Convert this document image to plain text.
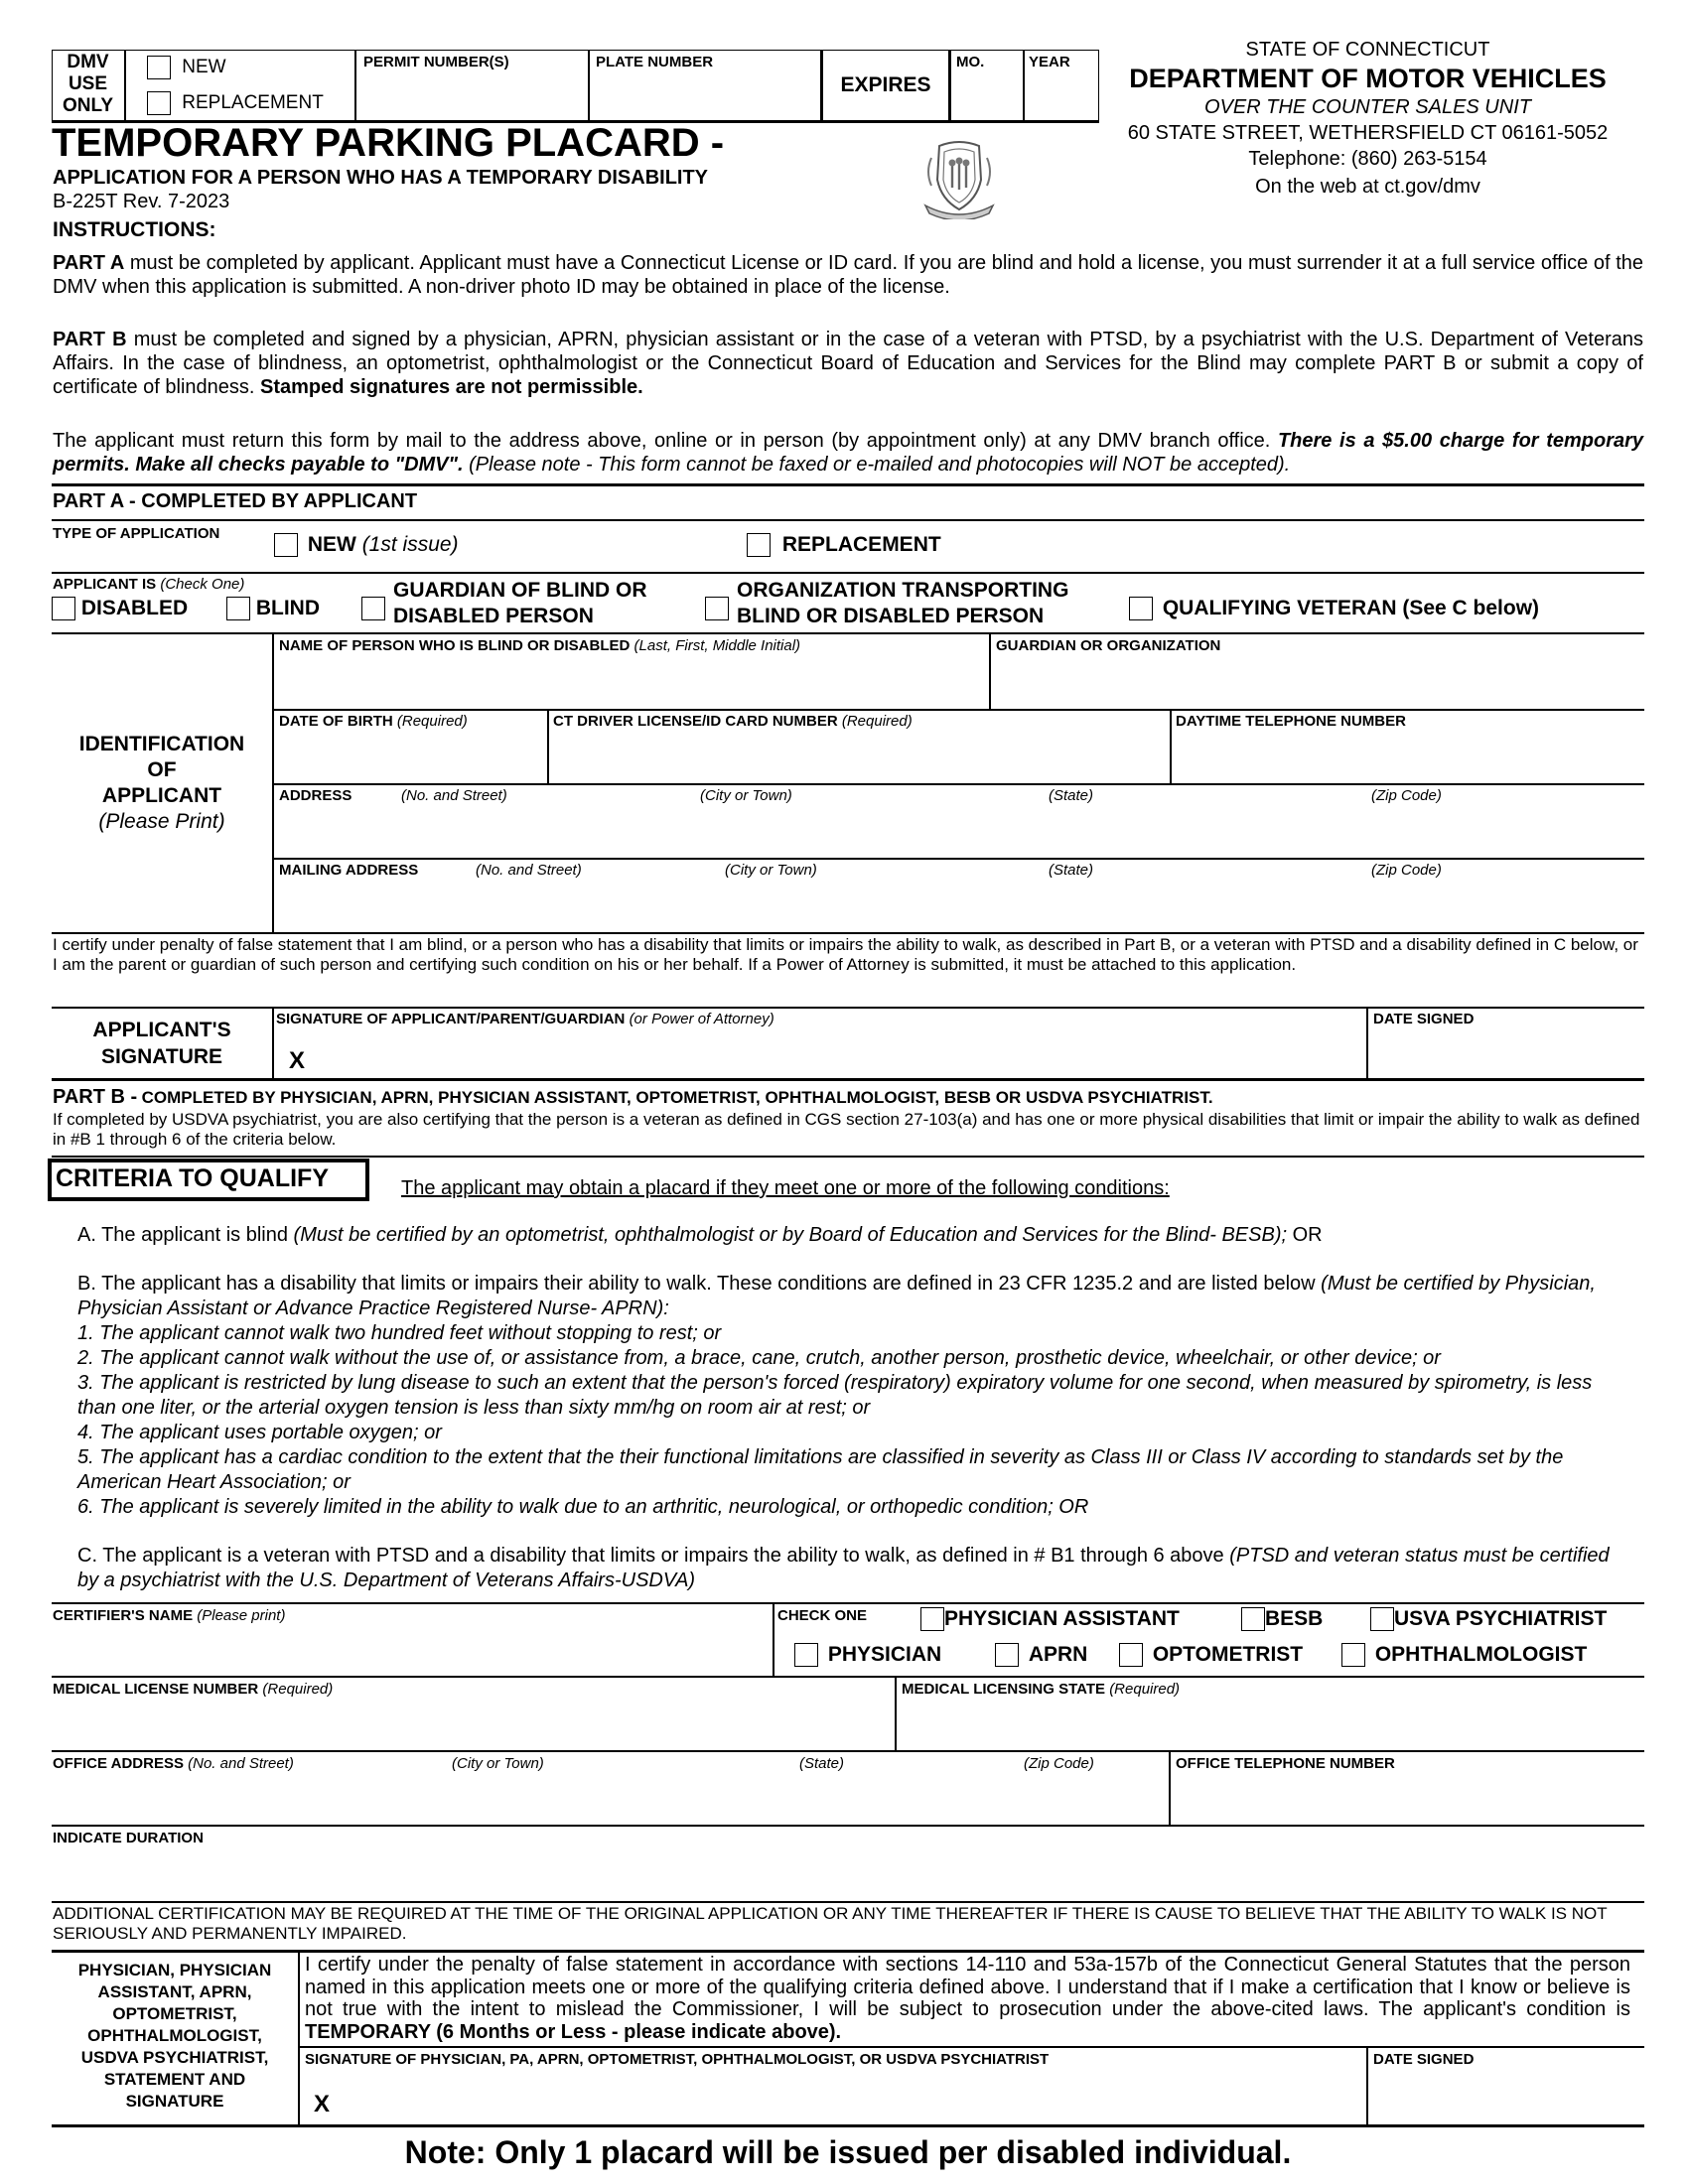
DMV
USE
ONLY
NEW
REPLACEMENT
PERMIT NUMBER(S)	PLATE NUMBER
EXPIRES
MO.	YEAR
STATE OF CONNECTICUT
DEPARTMENT OF MOTOR VEHICLES
OVER THE COUNTER SALES UNIT
60 STATE STREET, WETHERSFIELD CT 06161-5052
Telephone: (860) 263-5154
On the web at ct.gov/dmv
TEMPORARY PARKING PLACARD -
APPLICATION FOR A PERSON WHO HAS A TEMPORARY DISABILITY
B-225T Rev. 7-2023
INSTRUCTIONS:
PART A must be completed by applicant. Applicant must have a Connecticut License or ID card. If you are blind and hold a license, you must surrender it at a full service office of the DMV when this application is submitted. A non-driver photo ID may be obtained in place of the license.
PART B must be completed and signed by a physician, APRN, physician assistant or in the case of a veteran with PTSD, by a psychiatrist with the U.S. Department of Veterans Affairs. In the case of blindness, an optometrist, ophthalmologist or the Connecticut Board of Education and Services for the Blind may complete PART B or submit a copy of certificate of blindness. Stamped signatures are not permissible.
The applicant must return this form by mail to the address above, online or in person (by appointment only) at any DMV branch office. There is a $5.00 charge for temporary permits. Make all checks payable to "DMV". (Please note - This form cannot be faxed or e-mailed and photocopies will NOT be accepted).
PART A - COMPLETED BY APPLICANT
TYPE OF APPLICATION	NEW (1st issue)	REPLACEMENT
APPLICANT IS (Check One)
DISABLED	BLIND
GUARDIAN OF BLIND OR
DISABLED PERSON
ORGANIZATION TRANSPORTING
BLIND OR DISABLED PERSON	QUALIFYING VETERAN (See C below)
IDENTIFICATION
OF
APPLICANT
(Please Print)
NAME OF PERSON WHO IS BLIND OR DISABLED (Last, First, Middle Initial)	GUARDIAN OR ORGANIZATION
DATE OF BIRTH (Required)	CT DRIVER LICENSE/ID CARD NUMBER (Required)	DAYTIME TELEPHONE NUMBER
ADDRESS	(No. and Street)	(City or Town)	(State)	(Zip Code)
MAILING ADDRESS	(No. and Street)	(City or Town)	(State)	(Zip Code)
I certify under penalty of false statement that I am blind, or a person who has a disability that limits or impairs the ability to walk, as described in Part B, or a veteran with PTSD and a disability defined in C below, or I am the parent or guardian of such person and certifying such condition on his or her behalf. If a Power of Attorney is submitted, it must be attached to this application.
APPLICANT'S
SIGNATURE
SIGNATURE OF APPLICANT/PARENT/GUARDIAN (or Power of Attorney)
X
DATE SIGNED
PART B - COMPLETED BY PHYSICIAN, APRN, PHYSICIAN ASSISTANT, OPTOMETRIST, OPHTHALMOLOGIST, BESB OR USDVA PSYCHIATRIST.
If completed by USDVA psychiatrist, you are also certifying that the person is a veteran as defined in CGS section 27-103(a) and has one or more physical disabilities that limit or impair the ability to walk as defined in #B 1 through 6 of the criteria below.
CRITERIA TO QUALIFY	The applicant may obtain a placard if they meet one or more of the following conditions:
A. The applicant is blind (Must be certified by an optometrist, ophthalmologist or by Board of Education and Services for the Blind- BESB); OR
B. The applicant has a disability that limits or impairs their ability to walk. These conditions are defined in 23 CFR 1235.2 and are listed below (Must be certified by Physician, Physician Assistant or Advance Practice Registered Nurse- APRN):
1. The applicant cannot walk two hundred feet without stopping to rest; or
2. The applicant cannot walk without the use of, or assistance from, a brace, cane, crutch, another person, prosthetic device, wheelchair, or other device; or
3. The applicant is restricted by lung disease to such an extent that the person's forced (respiratory) expiratory volume for one second, when measured by spirometry, is less than one liter, or the arterial oxygen tension is less than sixty mm/hg on room air at rest; or
4. The applicant uses portable oxygen; or
5. The applicant has a cardiac condition to the extent that the their functional limitations are classified in severity as Class III or Class IV according to standards set by the American Heart Association; or
6. The applicant is severely limited in the ability to walk due to an arthritic, neurological, or orthopedic condition; OR
C. The applicant is a veteran with PTSD and a disability that limits or impairs the ability to walk, as defined in # B1 through 6 above (PTSD and veteran status must be certified by a psychiatrist with the U.S. Department of Veterans Affairs-USDVA)
CERTIFIER'S NAME (Please print)	CHECK ONE	PHYSICIAN ASSISTANT	BESB	USVA PSYCHIATRIST
PHYSICIAN	APRN	OPTOMETRIST	OPHTHALMOLOGIST
MEDICAL LICENSE NUMBER (Required)	MEDICAL LICENSING STATE (Required)
OFFICE ADDRESS (No. and Street)	(City or Town)	(State)	(Zip Code)	OFFICE TELEPHONE NUMBER
INDICATE DURATION
ADDITIONAL CERTIFICATION MAY BE REQUIRED AT THE TIME OF THE ORIGINAL APPLICATION OR ANY TIME THEREAFTER IF THERE IS CAUSE TO BELIEVE THAT THE ABILITY TO WALK IS NOT SERIOUSLY AND PERMANENTLY IMPAIRED.
PHYSICIAN, PHYSICIAN
ASSISTANT, APRN,
OPTOMETRIST,
OPHTHALMOLOGIST,
USDVA PSYCHIATRIST,
STATEMENT AND
SIGNATURE
I certify under the penalty of false statement in accordance with sections 14-110 and 53a-157b of the Connecticut General Statutes that the person named in this application meets one or more of the qualifying criteria defined above. I understand that if I make a certification that I know or believe is not true with the intent to mislead the Commissioner, I will be subject to prosecution under the above-cited laws. The applicant's condition is TEMPORARY (6 Months or Less - please indicate above).
SIGNATURE OF PHYSICIAN, PA, APRN, OPTOMETRIST, OPHTHALMOLOGIST, OR USDVA PSYCHIATRIST
X
DATE SIGNED
Note: Only 1 placard will be issued per disabled individual.
